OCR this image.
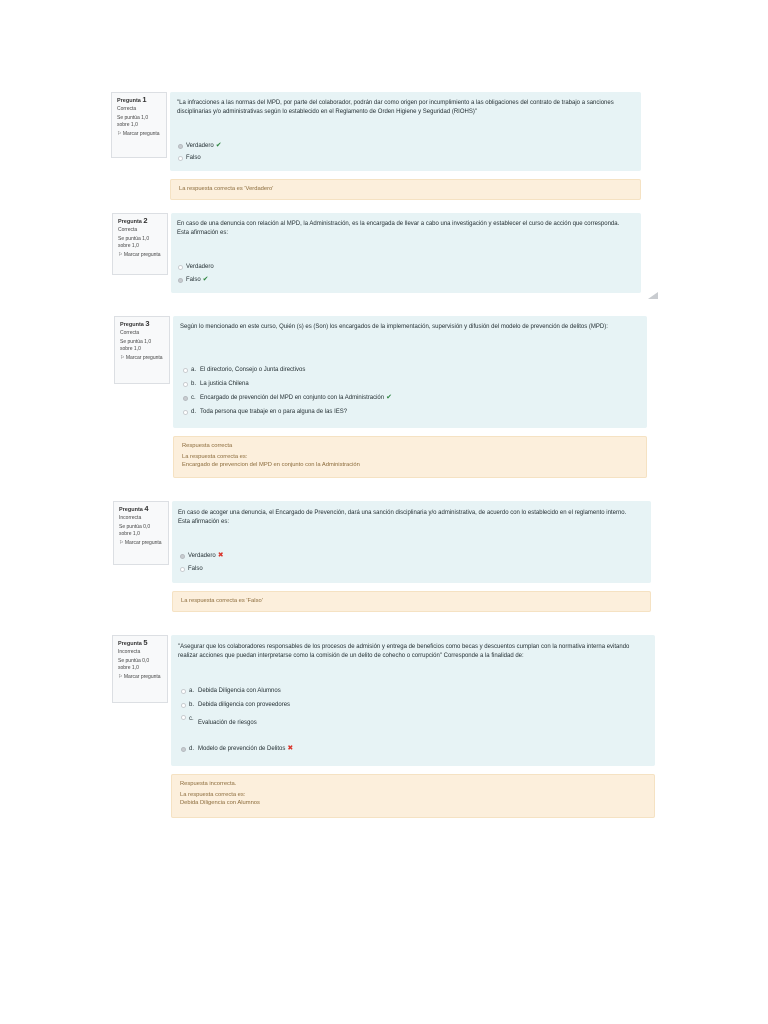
Pregunta 1
Correcta
Se puntúa 1,0 sobre 1,0
⚐ Marcar pregunta
"La infracciones a las normas del MPD, por parte del colaborador, podrán dar como origen por incumplimiento a las obligaciones del contrato de trabajo a sanciones disciplinarias y/o administrativas según lo establecido en el Reglamento de Orden Higiene y Seguridad (RIOHS)"
Verdadero ✔
Falso
La respuesta correcta es 'Verdadero'
Pregunta 2
Correcta
Se puntúa 1,0 sobre 1,0
⚐ Marcar pregunta
En caso de una denuncia con relación al MPD, la Administración, es la encargada de llevar a cabo una investigación y establecer el curso de acción que corresponda. Esta afirmación es:
Verdadero
Falso ✔
Pregunta 3
Correcta
Se puntúa 1,0 sobre 1,0
⚐ Marcar pregunta
Según lo mencionado en este curso, Quién (s) es (Son) los encargados de la implementación, supervisión y difusión del modelo de prevención de delitos (MPD):
a. El directorio, Consejo o Junta directivos
b. La justicia Chilena
c. Encargado de prevención del MPD en conjunto con la Administración ✔
d. Toda persona que trabaje en o para alguna de las IES?
Respuesta correcta
La respuesta correcta es:
Encargado de prevencion del MPD en conjunto con la Administración
Pregunta 4
Incorrecta
Se puntúa 0,0 sobre 1,0
⚐ Marcar pregunta
En caso de acoger una denuncia, el Encargado de Prevención, dará una sanción disciplinaria y/o administrativa, de acuerdo con lo establecido en el reglamento interno. Esta afirmación es:
Verdadero ✖
Falso
La respuesta correcta es 'Falso'
Pregunta 5
Incorrecta
Se puntúa 0,0 sobre 1,0
⚐ Marcar pregunta
"Asegurar que los colaboradores responsables de los procesos de admisión y entrega de beneficios como becas y descuentos cumplan con la normativa interna evitando realizar acciones que puedan interpretarse como la comisión de un delito de cohecho o corrupción" Corresponde a la finalidad de:
a. Debida Diligencia con Alumnos
b. Debida diligencia con proveedores
c.
Evaluación de riesgos
d. Modelo de prevención de Delitos ✖
Respuesta incorrecta.
La respuesta correcta es:
Debida Diligencia con Alumnos
